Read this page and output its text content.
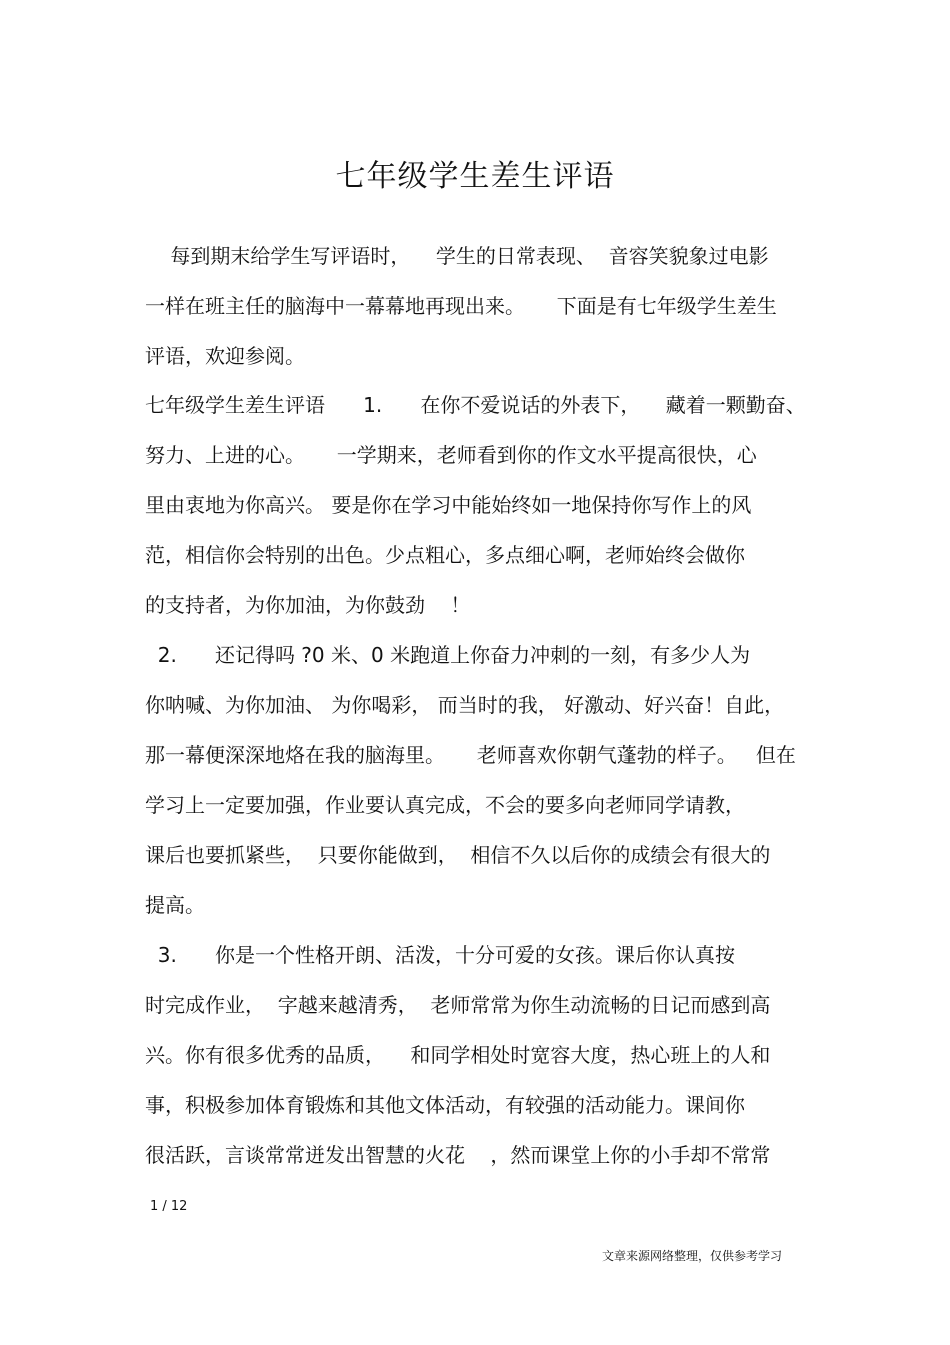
七年级学生差生评语
每到期末给学生写评语时，    学生的日常表现、  音容笑貌象过电影
一样在班主任的脑海中一幕幕地再现出来。     下面是有七年级学生差生
评语，欢迎参阅。
七年级学生差生评语      1.      在你不爱说话的外表下，    藏着一颗勤奋、
努力、上进的心。     一学期来，老师看到你的作文水平提高很快，心
里由衷地为你高兴。 要是你在学习中能始终如一地保持你写作上的风
范，相信你会特别的出色。少点粗心，多点细心啊，老师始终会做你
的支持者，为你加油，为你鼓劲    ！
2.      还记得吗 ?0 米、0 米跑道上你奋力冲刺的一刻，有多少人为
你呐喊、为你加油、 为你喝彩， 而当时的我， 好激动、好兴奋！自此，
那一幕便深深地烙在我的脑海里。     老师喜欢你朝气蓬勃的样子。   但在
学习上一定要加强，作业要认真完成，不会的要多向老师同学请教，
课后也要抓紧些，  只要你能做到，  相信不久以后你的成绩会有很大的
提高。
3.      你是一个性格开朗、活泼，十分可爱的女孩。课后你认真按
时完成作业，  字越来越清秀，  老师常常为你生动流畅的日记而感到高
兴。你有很多优秀的品质，    和同学相处时宽容大度，热心班上的人和
事，积极参加体育锻炼和其他文体活动，有较强的活动能力。课间你
很活跃，言谈常常迸发出智慧的火花    ，然而课堂上你的小手却不常常
1 / 12
文章来源网络整理，仅供参考学习
